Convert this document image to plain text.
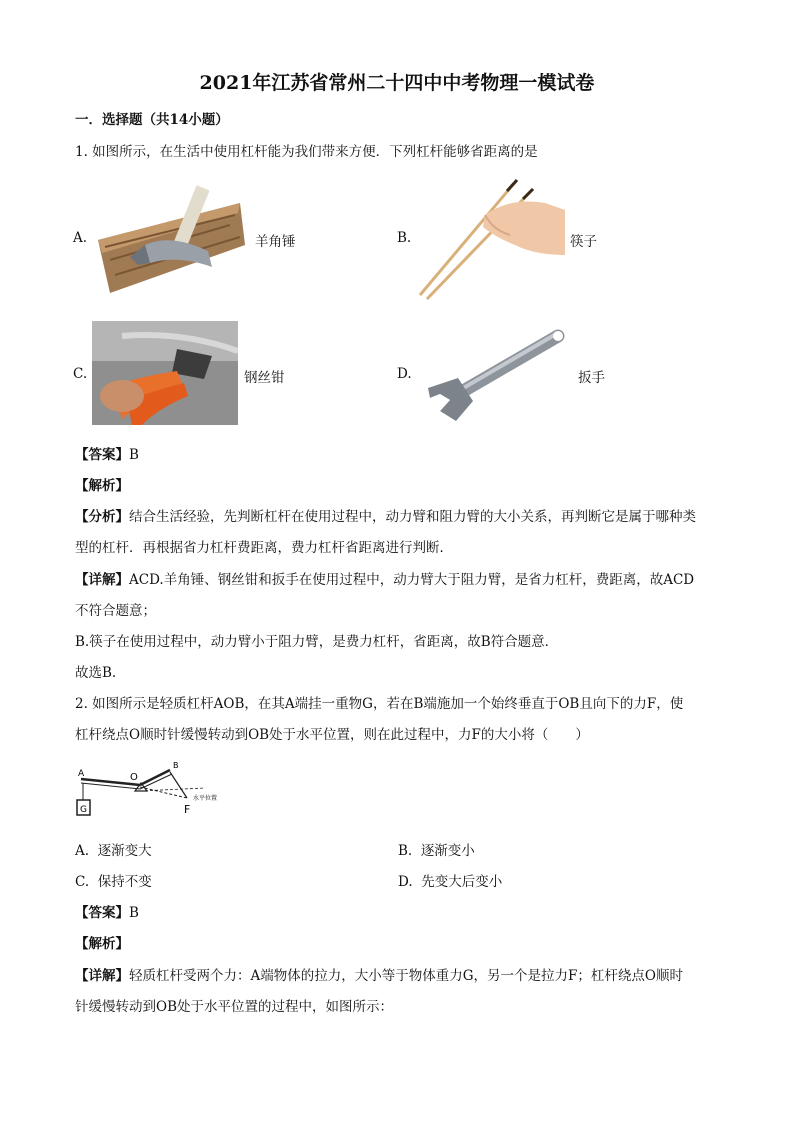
2021年江苏省常州二十四中中考物理一模试卷
一．选择题（共14小题）
1. 如图所示，在生活中使用杠杆能为我们带来方便．下列杠杆能够省距离的是
A.	羊角锤	B.	筷子
C.	钢丝钳	D.	扳手
【答案】B
【解析】
【分析】结合生活经验，先判断杠杆在使用过程中，动力臂和阻力臂的大小关系，再判断它是属于哪种类
型的杠杆．再根据省力杠杆费距离，费力杠杆省距离进行判断．
【详解】ACD.羊角锤、钢丝钳和扳手在使用过程中，动力臂大于阻力臂，是省力杠杆，费距离，故ACD
不符合题意；
B.筷子在使用过程中，动力臂小于阻力臂，是费力杠杆，省距离，故B符合题意．
故选B.
2. 如图所示是轻质杠杆AOB，在其A端挂一重物G，若在B端施加一个始终垂直于OB且向下的力F，使
杠杆绕点O顺时针缓慢转动到OB处于水平位置，则在此过程中，力F的大小将（　　）
A	O
B
G	F
水平位置
A. 逐渐变大	B. 逐渐变小
C. 保持不变	D. 先变大后变小
【答案】B
【解析】
【详解】轻质杠杆受两个力：A端物体的拉力，大小等于物体重力G，另一个是拉力F；杠杆绕点O顺时
针缓慢转动到OB处于水平位置的过程中，如图所示：
